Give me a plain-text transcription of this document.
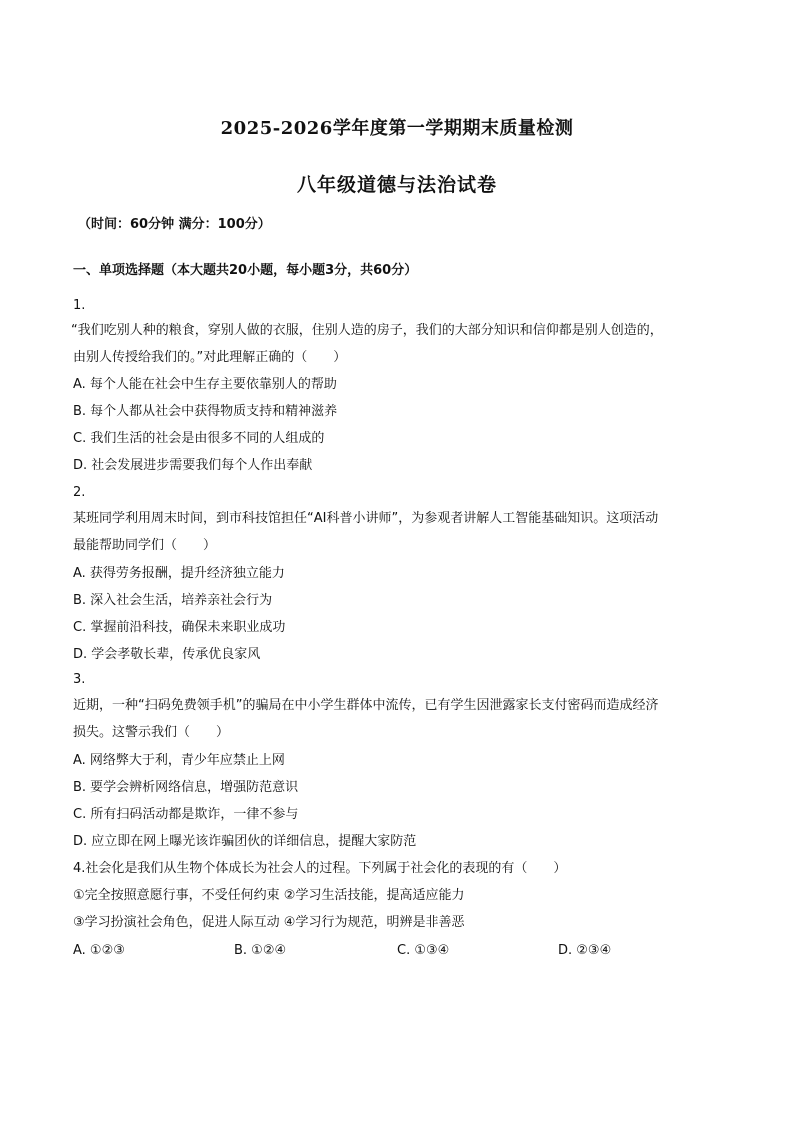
2025-2026学年度第一学期期末质量检测
八年级道德与法治试卷
（时间：60分钟 满分：100分）
一、单项选择题（本大题共20小题，每小题3分，共60分）
1.
“我们吃别人种的粮食，穿别人做的衣服，住别人造的房子，我们的大部分知识和信仰都是别人创造的，
由别人传授给我们的。”对此理解正确的（　　）
A. 每个人能在社会中生存主要依靠别人的帮助
B. 每个人都从社会中获得物质支持和精神滋养
C. 我们生活的社会是由很多不同的人组成的
D. 社会发展进步需要我们每个人作出奉献
2.
某班同学利用周末时间，到市科技馆担任“AI科普小讲师”，为参观者讲解人工智能基础知识。这项活动
最能帮助同学们（　　）
A. 获得劳务报酬，提升经济独立能力
B. 深入社会生活，培养亲社会行为
C. 掌握前沿科技，确保未来职业成功
D. 学会孝敬长辈，传承优良家风
3.
近期，一种“扫码免费领手机”的骗局在中小学生群体中流传，已有学生因泄露家长支付密码而造成经济
损失。这警示我们（　　）
A. 网络弊大于利，青少年应禁止上网
B. 要学会辨析网络信息，增强防范意识
C. 所有扫码活动都是欺诈，一律不参与
D. 应立即在网上曝光该诈骗团伙的详细信息，提醒大家防范
4.社会化是我们从生物个体成长为社会人的过程。下列属于社会化的表现的有（　　）
①完全按照意愿行事，不受任何约束 ②学习生活技能，提高适应能力
③学习扮演社会角色，促进人际互动 ④学习行为规范，明辨是非善恶
A. ①②③	B. ①②④	C. ①③④	D. ②③④
